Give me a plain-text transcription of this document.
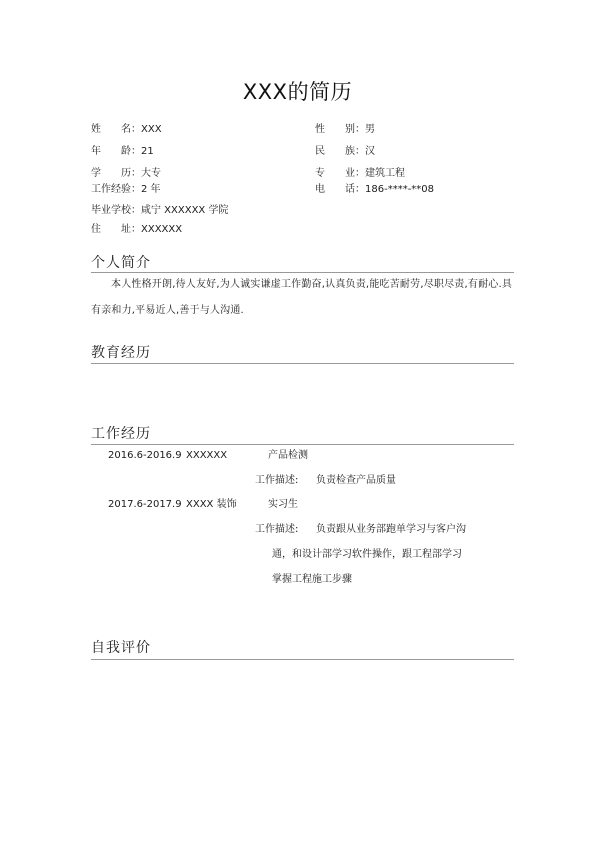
XXX的简历
姓　　名：XXX
年　　龄：21
学　　历：大专
工作经验：2 年
毕业学校：咸宁 XXXXXX 学院
住　　址：XXXXXX
性　　别：男
民　　族：汉
专　　业：建筑工程
电　　话：186-****-**08
个人简介
本人性格开朗,待人友好,为人诚实谦虚工作勤奋,认真负责,能吃苦耐劳,尽职尽责,有耐心.具有亲和力,平易近人,善于与人沟通.
教育经历
工作经历
2016.6-2016.9 XXXXXX	产品检测
工作描述: 负责检查产品质量
2017.6-2017.9 XXXX 装饰	实习生
工作描述: 负责跟从业务部跑单学习与客户沟
通，和设计部学习软件操作，跟工程部学习
掌握工程施工步骤
自我评价
